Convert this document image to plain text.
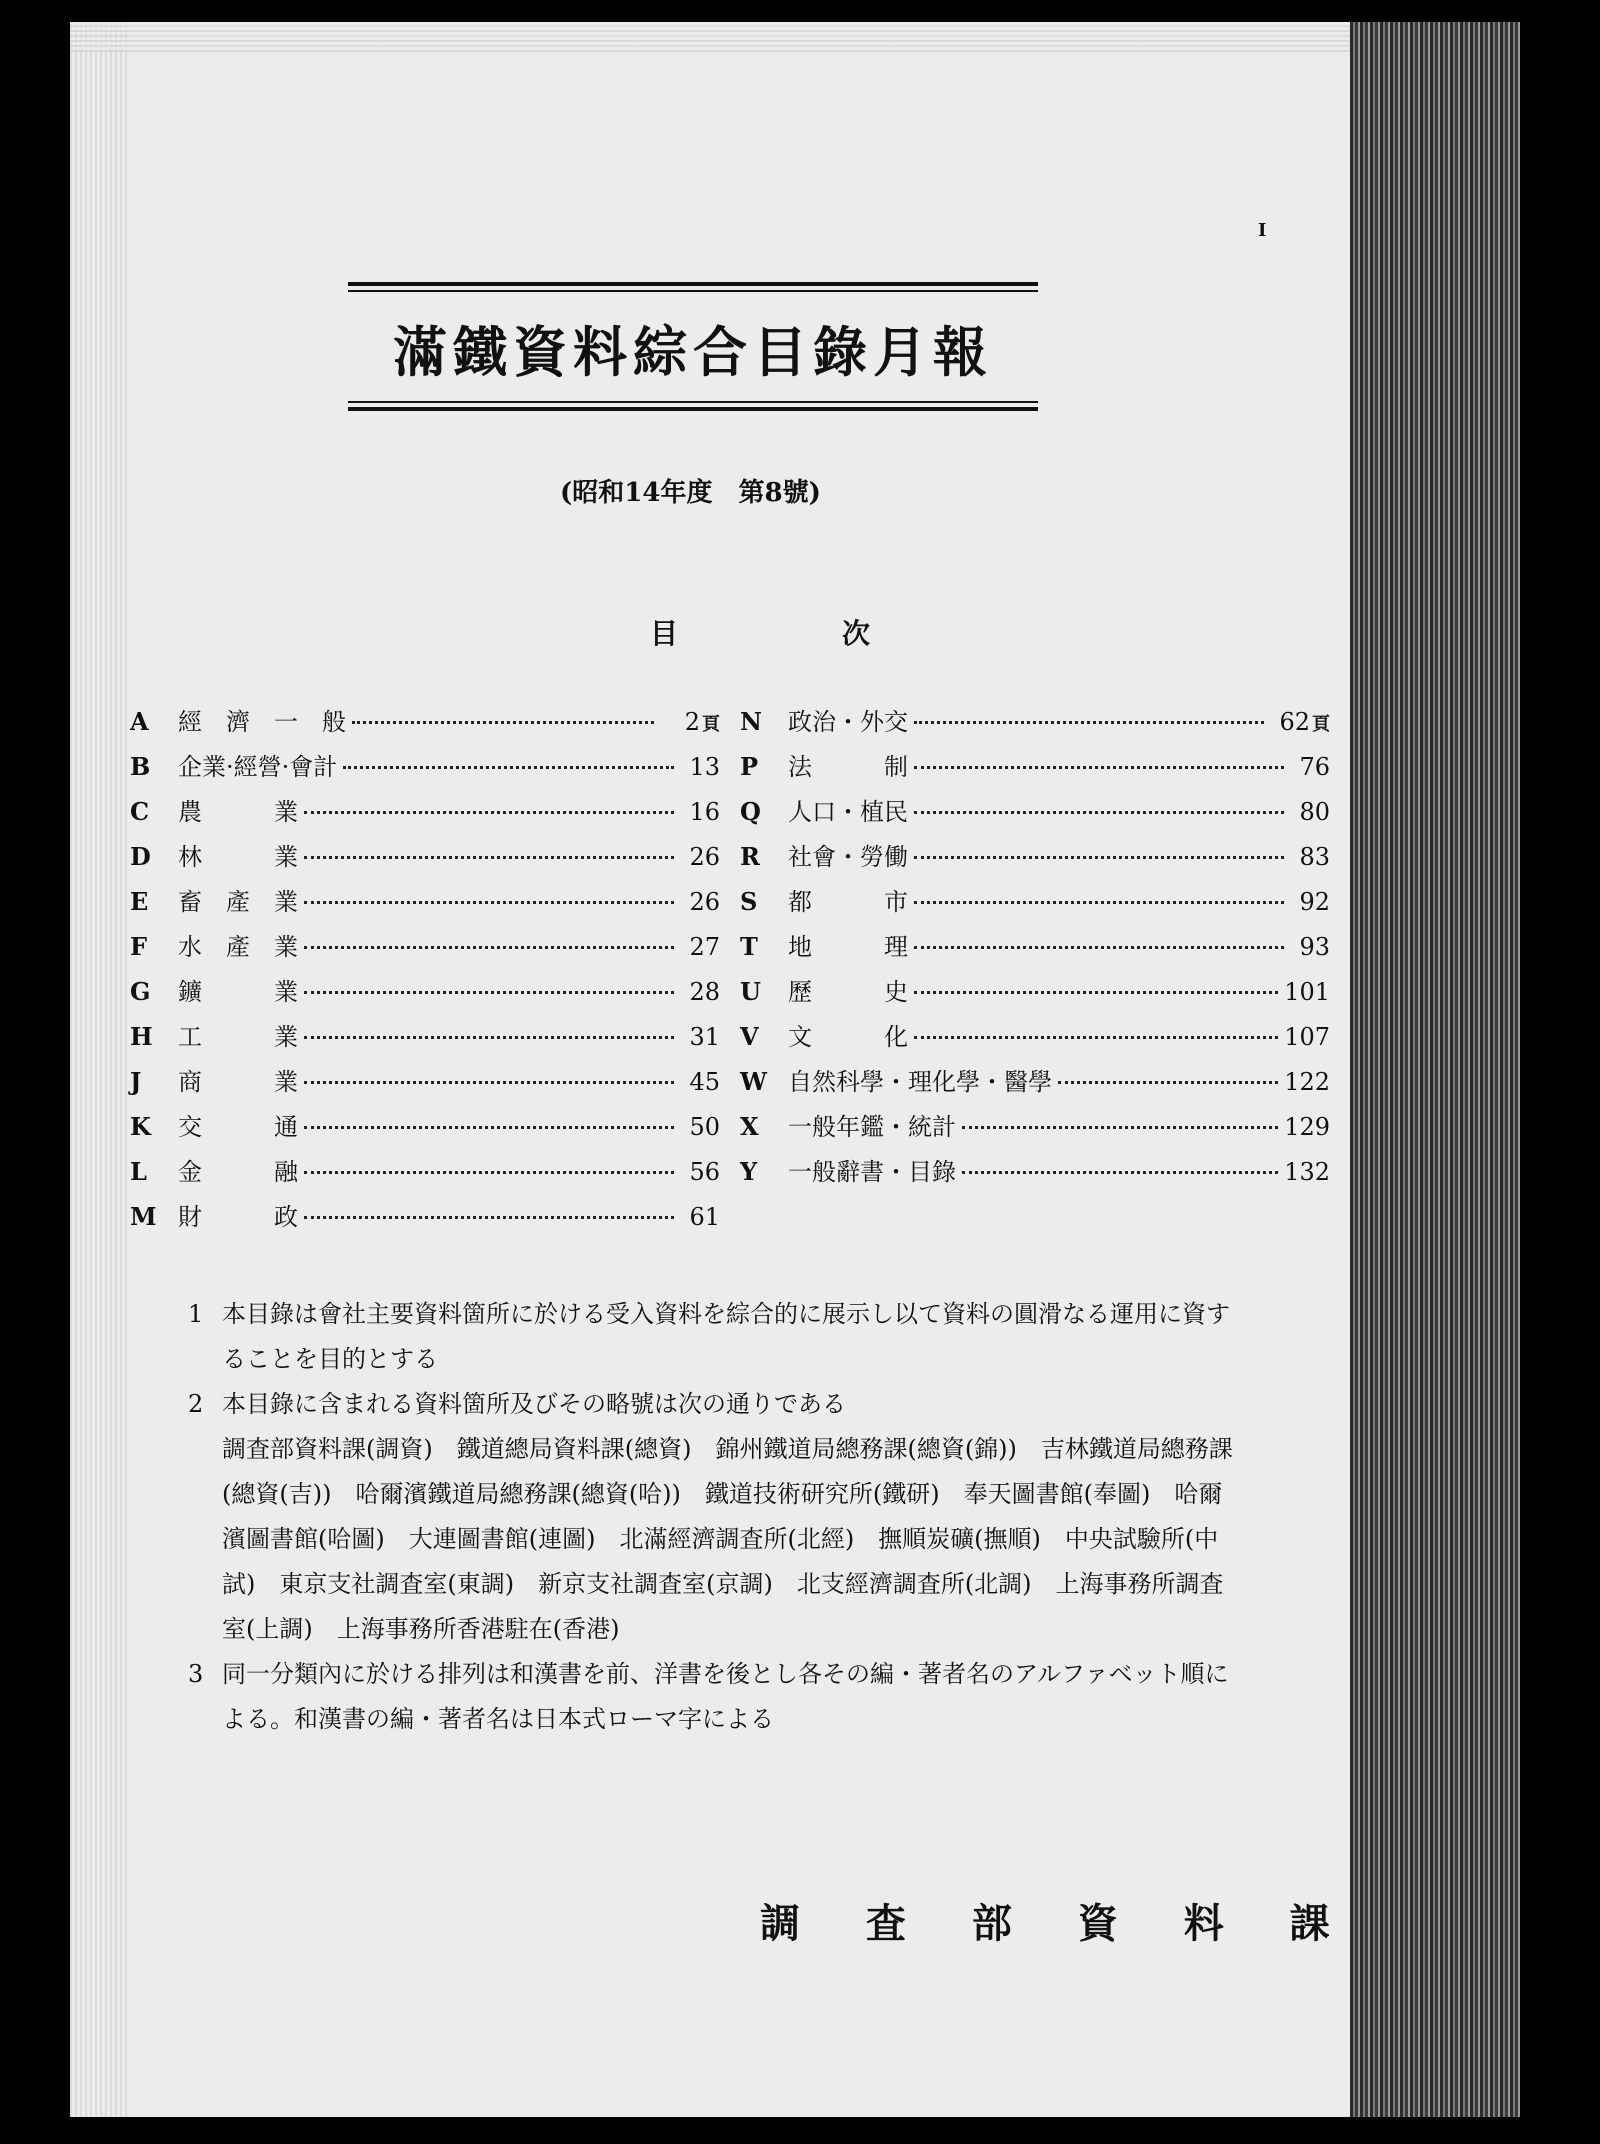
I
滿鐵資料綜合目錄月報
(昭和14年度　第8號)
目	次
A	經　濟　一　般	2 頁
B	企業·經營·會計	13
C	農　　　業	16
D	林　　　業	26
E	畜　產　業	26
F	水　產　業	27
G	鑛　　　業	28
H	工　　　業	31
J	商　　　業	45
K	交　　　通	50
L	金　　　融	56
M 財　　　政	61
N	政治・外交	62 頁
P	法　　　制	76
Q	人口・植民	80
R	社會・勞働	83
S	都　　　市	92
T	地　　　理	93
U	歷　　　史	101
V	文　　　化	107
W 自然科學・理化學・醫學	122
X	一般年鑑・統計	129
Y	一般辭書・目錄	132
1 本目錄は會社主要資料箇所に於ける受入資料を綜合的に展示し以て資料の圓滑なる運用に資することを目的とする
2 本目錄に含まれる資料箇所及びその略號は次の通りである
調査部資料課(調資)　鐵道總局資料課(總資)　錦州鐵道局總務課(總資(錦))　吉林鐵道局總務課(總資(吉))　哈爾濱鐵道局總務課(總資(哈))　鐵道技術研究所(鐵研)　奉天圖書館(奉圖)　哈爾濱圖書館(哈圖)　大連圖書館(連圖)　北滿經濟調査所(北經)　撫順炭礦(撫順)　中央試驗所(中試)　東京支社調査室(東調)　新京支社調査室(京調)　北支經濟調査所(北調)　上海事務所調査室(上調)　上海事務所香港駐在(香港)
3 同一分類內に於ける排列は和漢書を前、洋書を後とし各その編・著者名のアルファベット順による。和漢書の編・著者名は日本式ローマ字による
調 査 部 資 料 課
